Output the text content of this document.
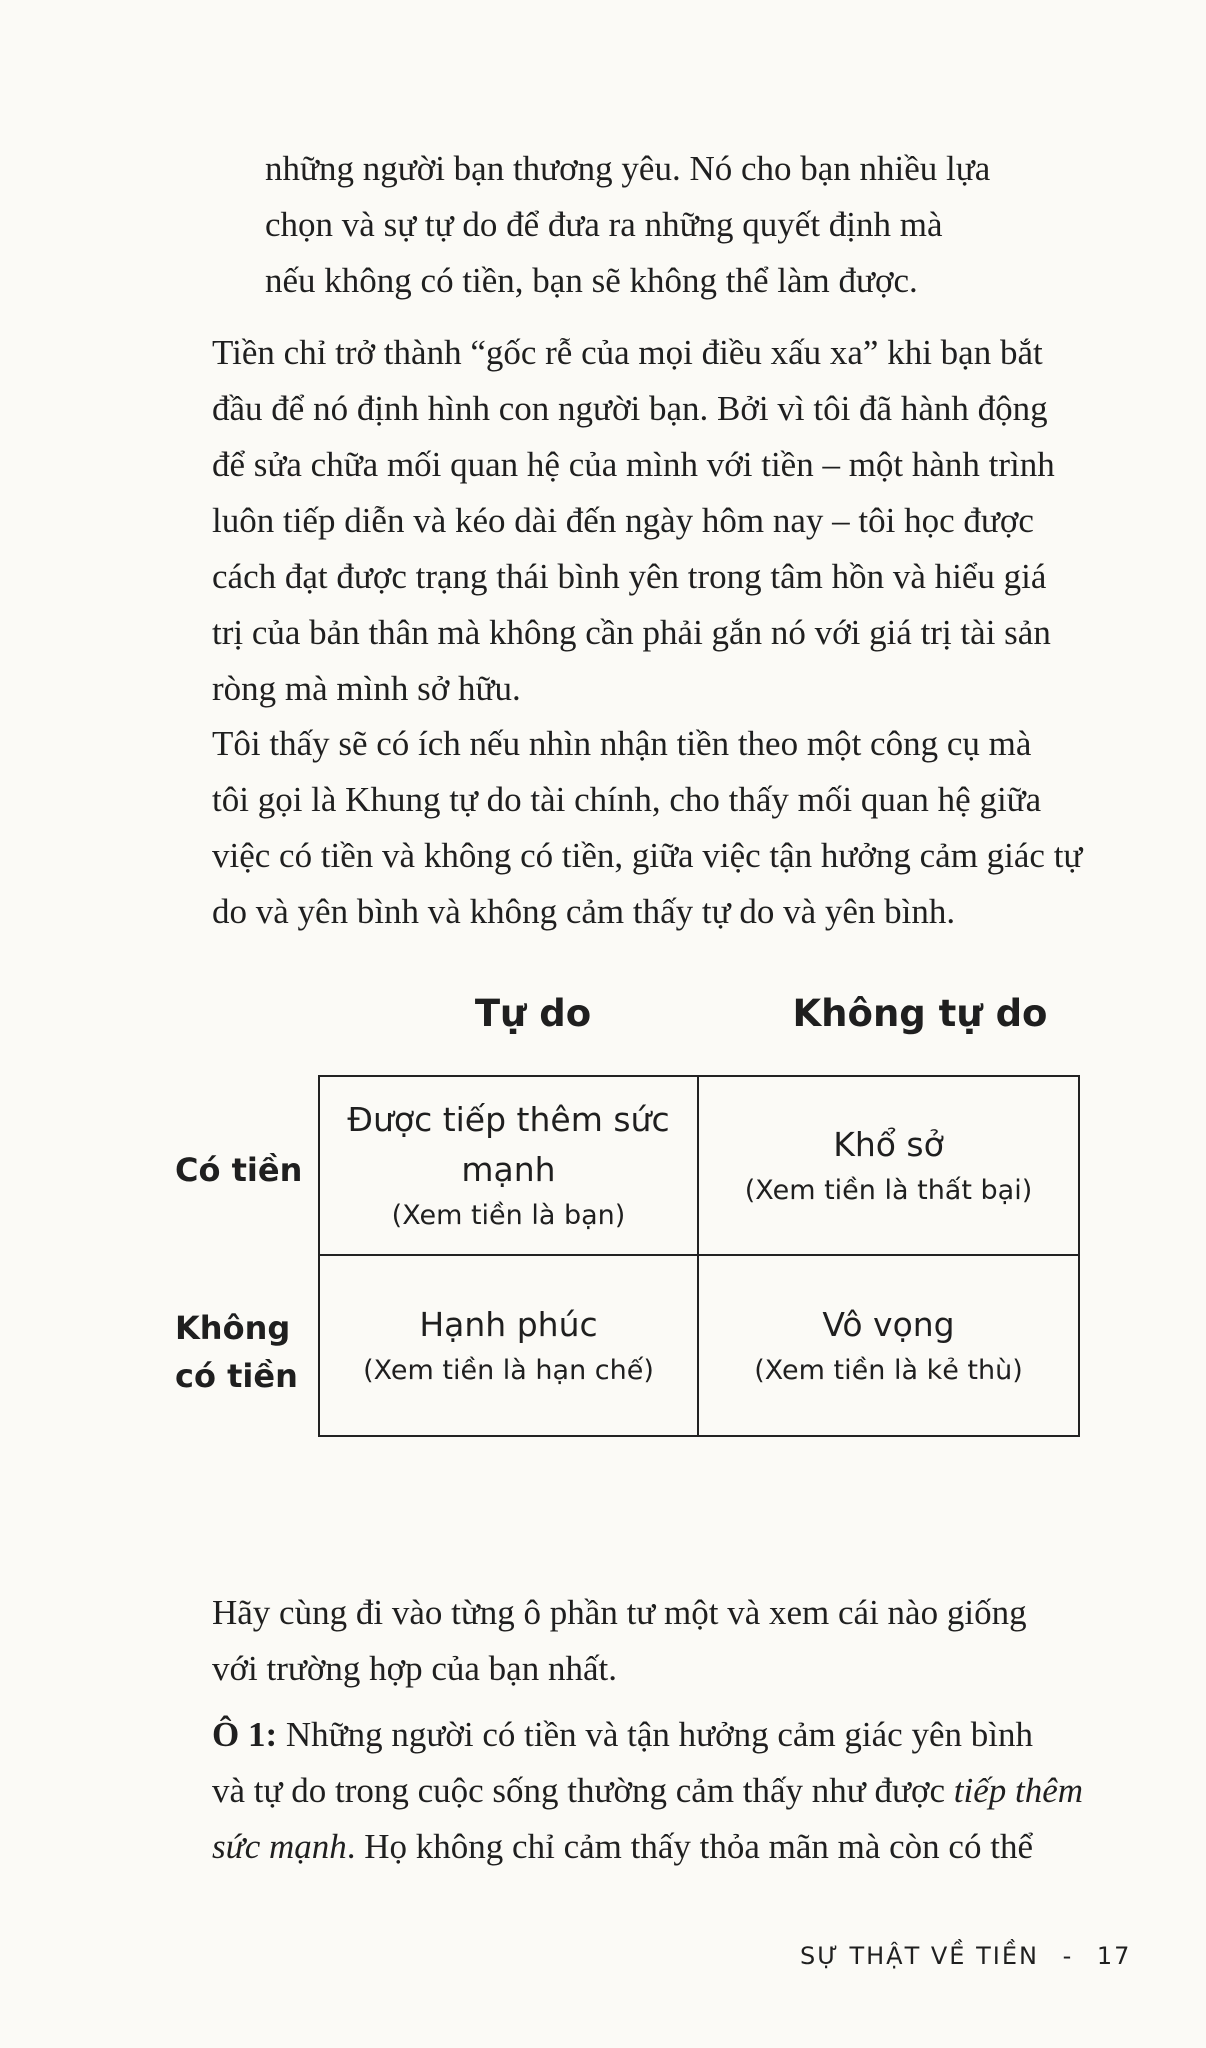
những người bạn thương yêu. Nó cho bạn nhiều lựa
chọn và sự tự do để đưa ra những quyết định mà
nếu không có tiền, bạn sẽ không thể làm được.

Tiền chỉ trở thành “gốc rễ của mọi điều xấu xa” khi bạn bắt
đầu để nó định hình con người bạn. Bởi vì tôi đã hành động
để sửa chữa mối quan hệ của mình với tiền – một hành trình
luôn tiếp diễn và kéo dài đến ngày hôm nay – tôi học được
cách đạt được trạng thái bình yên trong tâm hồn và hiểu giá
trị của bản thân mà không cần phải gắn nó với giá trị tài sản
ròng mà mình sở hữu.

Tôi thấy sẽ có ích nếu nhìn nhận tiền theo một công cụ mà
tôi gọi là Khung tự do tài chính, cho thấy mối quan hệ giữa
việc có tiền và không có tiền, giữa việc tận hưởng cảm giác tự
do và yên bình và không cảm thấy tự do và yên bình.

Tự do	Không tự do
Có tiền
Không
có tiền
Được tiếp thêm sức mạnh
(Xem tiền là bạn)
Khổ sở
(Xem tiền là thất bại)
Hạnh phúc
(Xem tiền là hạn chế)
Vô vọng
(Xem tiền là kẻ thù)

Hãy cùng đi vào từng ô phần tư một và xem cái nào giống
với trường hợp của bạn nhất.

Ô 1: Những người có tiền và tận hưởng cảm giác yên bình
và tự do trong cuộc sống thường cảm thấy như được tiếp thêm
sức mạnh. Họ không chỉ cảm thấy thỏa mãn mà còn có thể

SỰ THẬT VỀ TIỀN - 17
